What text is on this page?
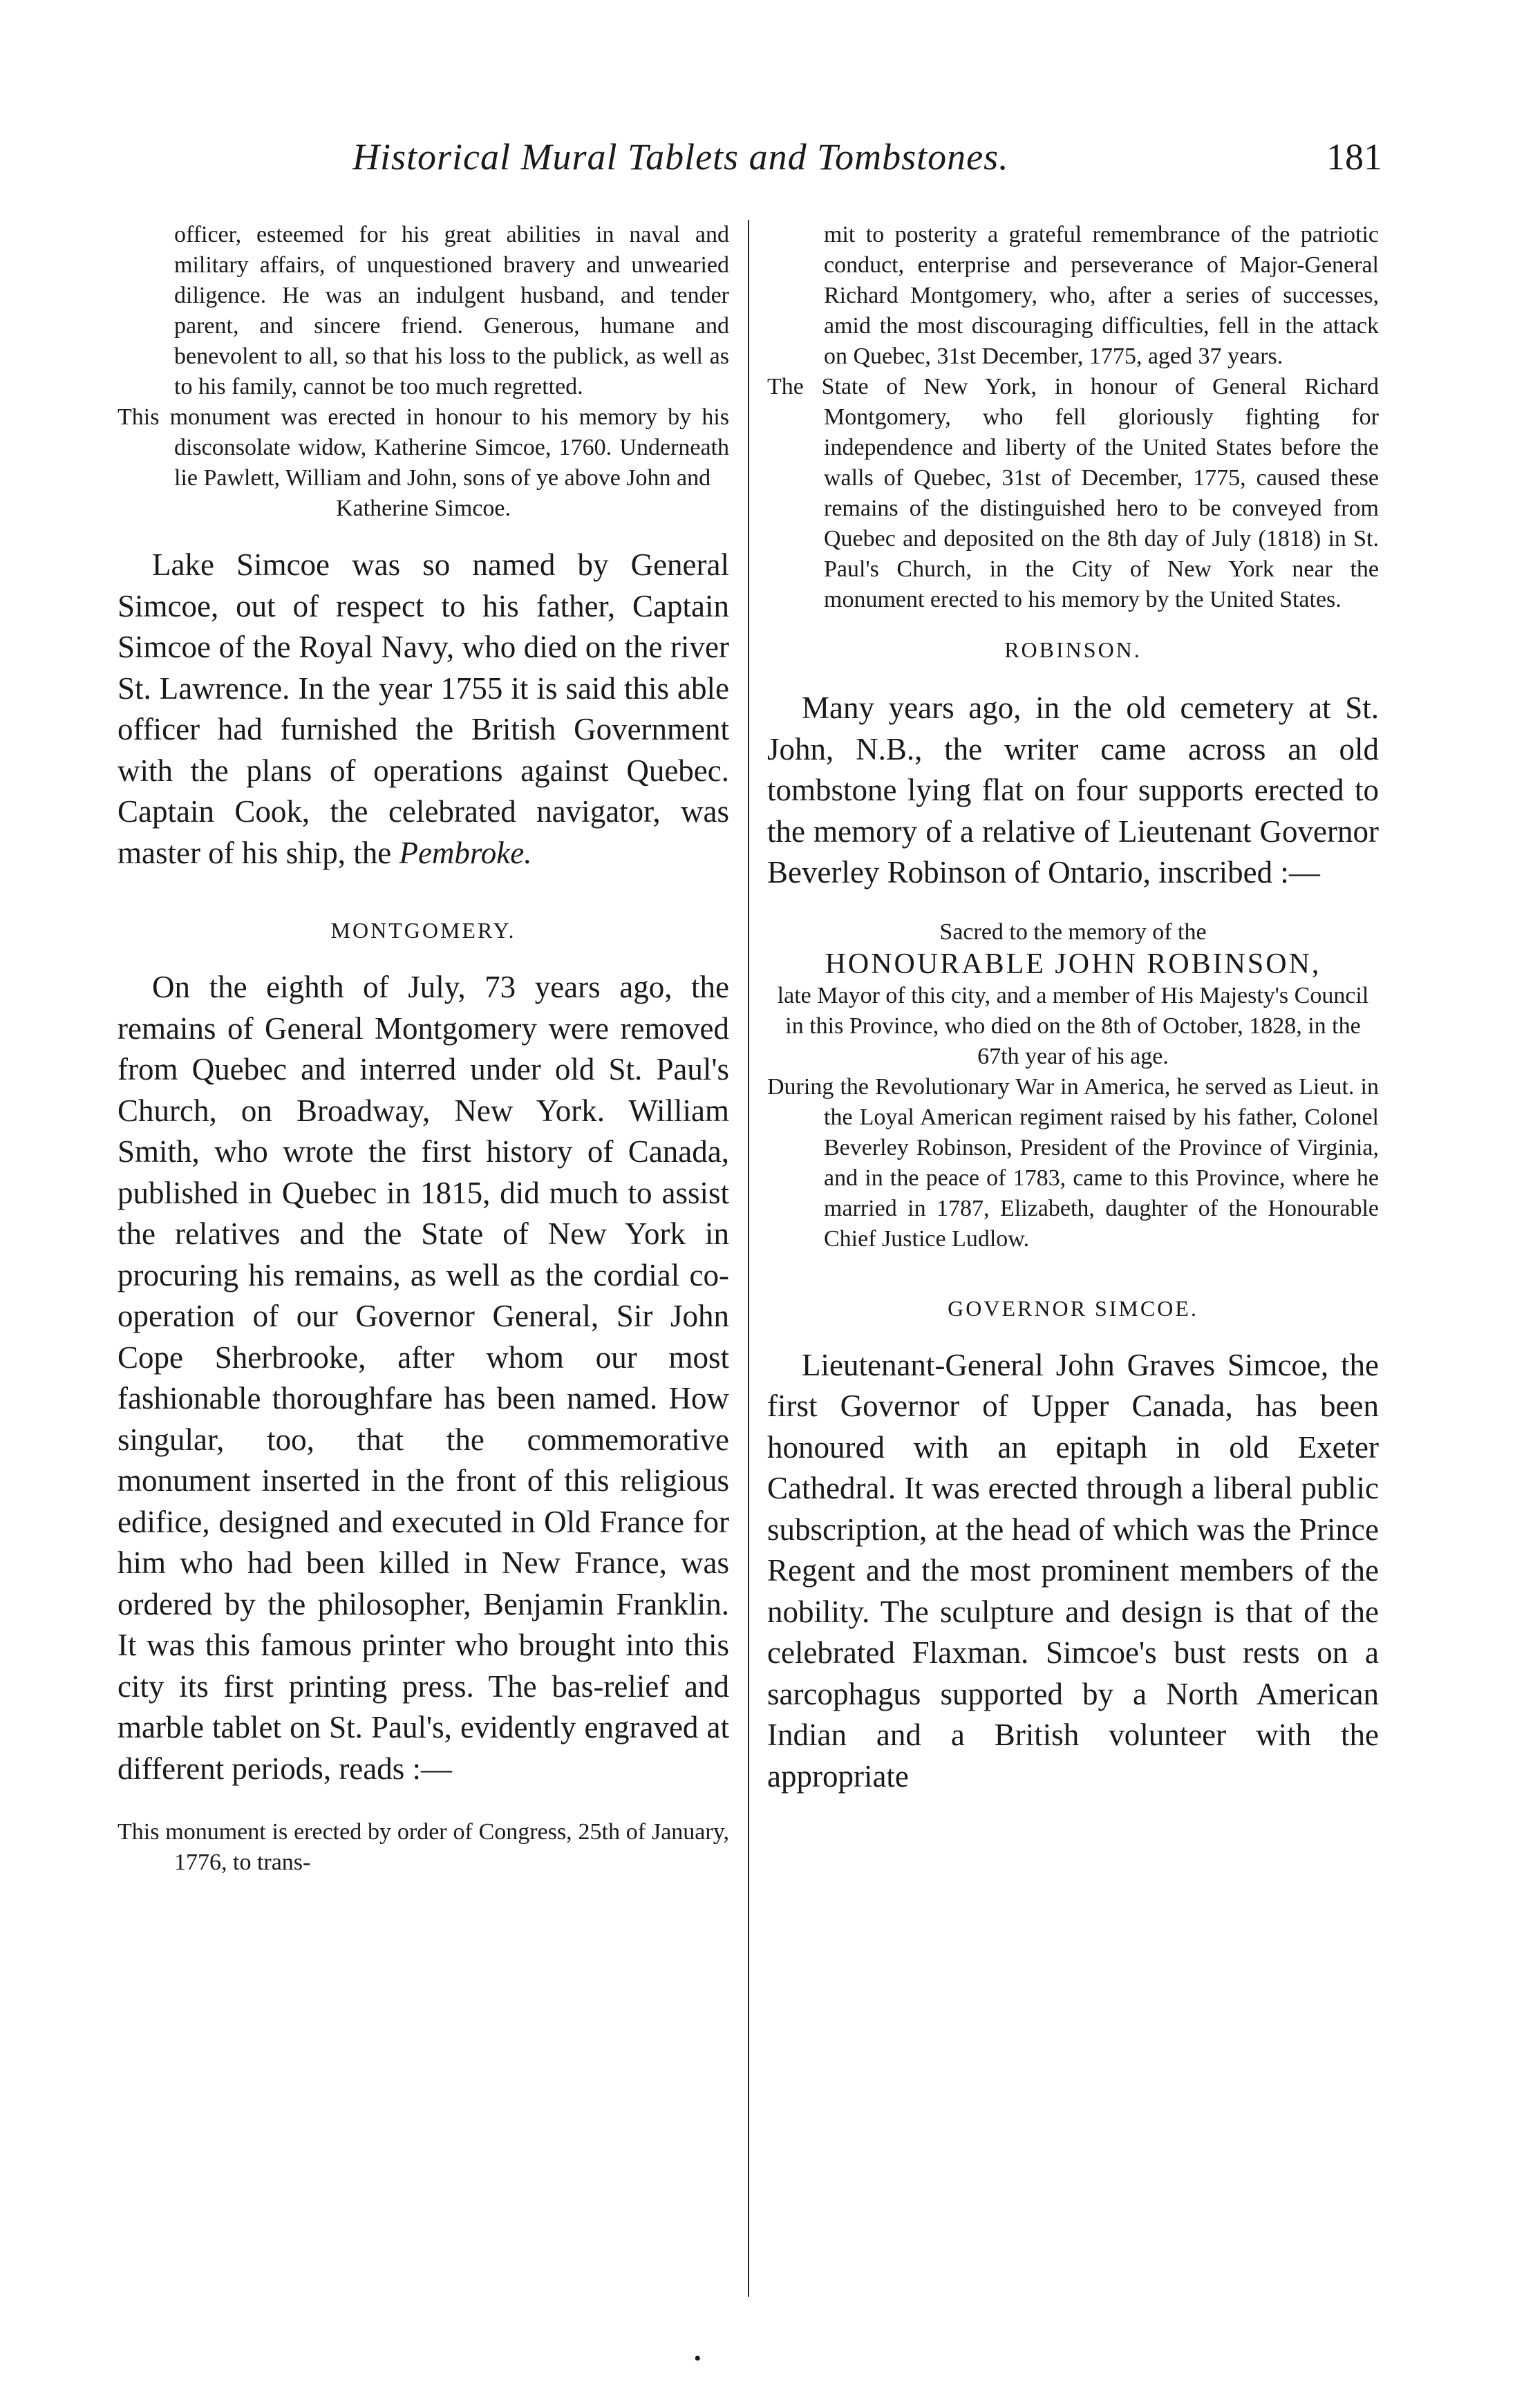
Historical Mural Tablets and Tombstones.	181

officer, esteemed for his great abilities in naval and military affairs, of unquestioned bravery and unwearied diligence. He was an indulgent husband, and tender parent, and sincere friend. Generous, humane and benevolent to all, so that his loss to the publick, as well as to his family, cannot be too much regretted.

This monument was erected in honour to his memory by his disconsolate widow, Katherine Simcoe, 1760. Underneath lie Pawlett, William and John, sons of ye above John and

Katherine Simcoe.

Lake Simcoe was so named by General Simcoe, out of respect to his father, Captain Simcoe of the Royal Navy, who died on the river St. Lawrence. In the year 1755 it is said this able officer had furnished the British Government with the plans of operations against Quebec. Captain Cook, the celebrated navigator, was master of his ship, the Pembroke.

MONTGOMERY.

On the eighth of July, 73 years ago, the remains of General Montgomery were removed from Quebec and interred under old St. Paul's Church, on Broadway, New York. William Smith, who wrote the first history of Canada, published in Quebec in 1815, did much to assist the relatives and the State of New York in procuring his remains, as well as the cordial co-operation of our Governor General, Sir John Cope Sherbrooke, after whom our most fashionable thoroughfare has been named. How singular, too, that the commemorative monument inserted in the front of this religious edifice, designed and executed in Old France for him who had been killed in New France, was ordered by the philosopher, Benjamin Franklin. It was this famous printer who brought into this city its first printing press. The bas-relief and marble tablet on St. Paul's, evidently engraved at different periods, reads :—

This monument is erected by order of Congress, 25th of January, 1776, to trans-

mit to posterity a grateful remembrance of the patriotic conduct, enterprise and perseverance of Major-General Richard Montgomery, who, after a series of successes, amid the most discouraging difficulties, fell in the attack on Quebec, 31st December, 1775, aged 37 years.

The State of New York, in honour of General Richard Montgomery, who fell gloriously fighting for independence and liberty of the United States before the walls of Quebec, 31st of December, 1775, caused these remains of the distinguished hero to be conveyed from Quebec and deposited on the 8th day of July (1818) in St. Paul's Church, in the City of New York near the monument erected to his memory by the United States.

ROBINSON.

Many years ago, in the old cemetery at St. John, N.B., the writer came across an old tombstone lying flat on four supports erected to the memory of a relative of Lieutenant Governor Beverley Robinson of Ontario, inscribed :—

Sacred to the memory of the

HONOURABLE JOHN ROBINSON,

late Mayor of this city, and a member of His Majesty's Council in this Province, who died on the 8th of October, 1828, in the 67th year of his age.

During the Revolutionary War in America, he served as Lieut. in the Loyal American regiment raised by his father, Colonel Beverley Robinson, President of the Province of Virginia, and in the peace of 1783, came to this Province, where he married in 1787, Elizabeth, daughter of the Honourable Chief Justice Ludlow.

GOVERNOR SIMCOE.

Lieutenant-General John Graves Simcoe, the first Governor of Upper Canada, has been honoured with an epitaph in old Exeter Cathedral. It was erected through a liberal public subscription, at the head of which was the Prince Regent and the most prominent members of the nobility. The sculpture and design is that of the celebrated Flaxman. Simcoe's bust rests on a sarcophagus supported by a North American Indian and a British volunteer with the appropriate

•
